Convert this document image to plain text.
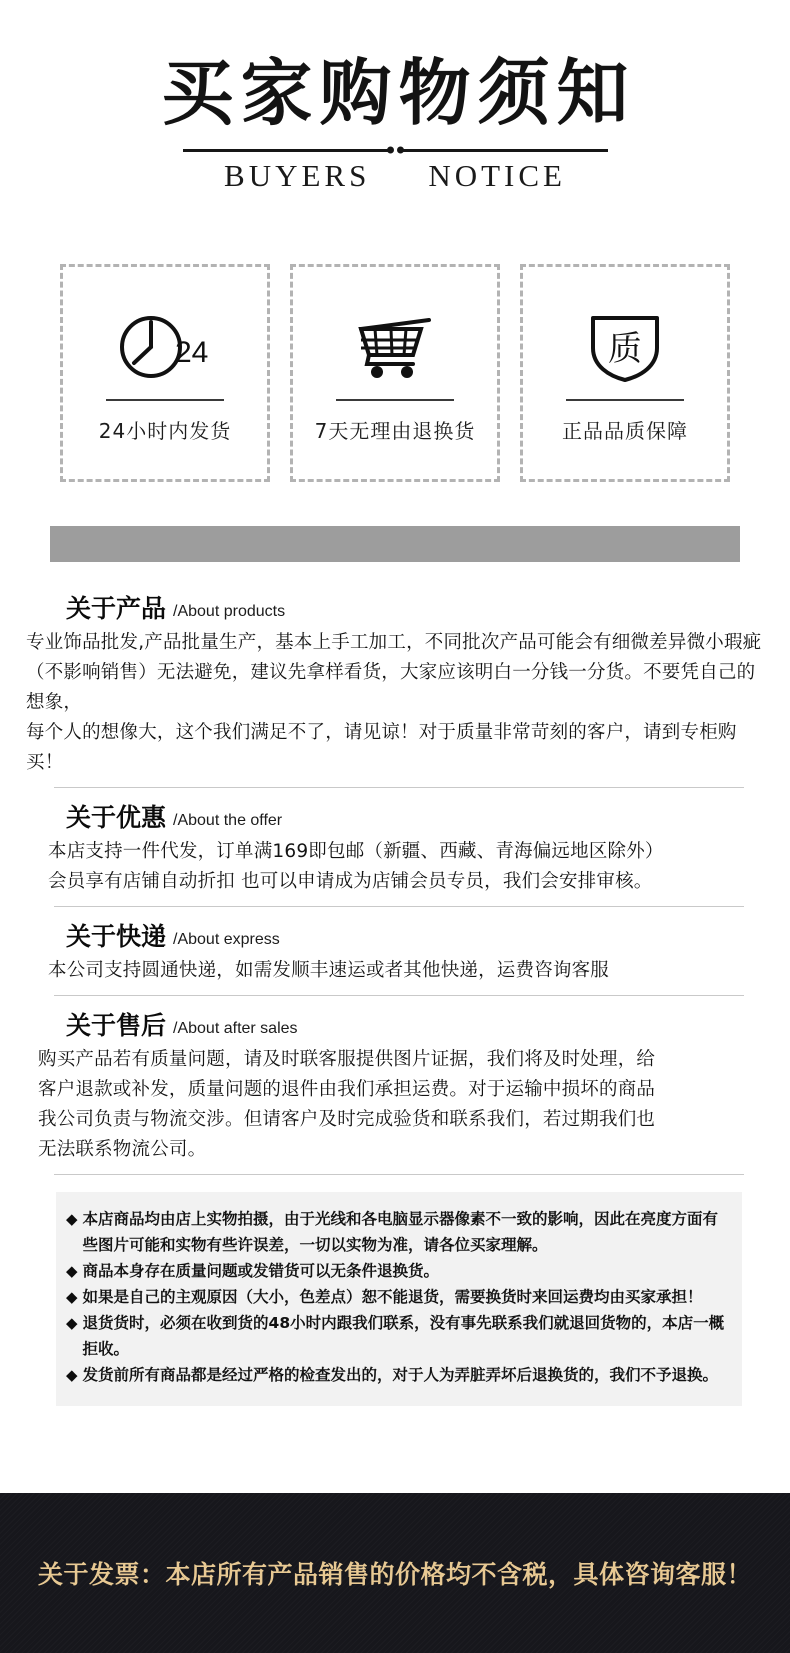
买家购物须知
BUYERS NOTICE
24
24小时内发货	7天无理由退换货
质
正品品质保障
关于产品 /About products
专业饰品批发,产品批量生产，基本上手工加工，不同批次产品可能会有细微差异微小瑕疵
（不影响销售）无法避免，建议先拿样看货，大家应该明白一分钱一分货。不要凭自己的想象，
每个人的想像大，这个我们满足不了，请见谅！对于质量非常苛刻的客户，请到专柜购买！
关于优惠 /About the offer
本店支持一件代发，订单满169即包邮（新疆、西藏、青海偏远地区除外）
会员享有店铺自动折扣 也可以申请成为店铺会员专员，我们会安排审核。
关于快递 /About express
本公司支持圆通快递，如需发顺丰速运或者其他快递，运费咨询客服
关于售后 /About after sales
购买产品若有质量问题，请及时联客服提供图片证据，我们将及时处理，给
客户退款或补发，质量问题的退件由我们承担运费。对于运输中损坏的商品
我公司负责与物流交涉。但请客户及时完成验货和联系我们，若过期我们也
无法联系物流公司。
◆ 本店商品均由店上实物拍摄，由于光线和各电脑显示器像素不一致的影响，因此在亮度方面有些图片可能和实物有些许误差，一切以实物为准，请各位买家理解。
◆ 商品本身存在质量问题或发错货可以无条件退换货。
◆ 如果是自己的主观原因（大小，色差点）恕不能退货，需要换货时来回运费均由买家承担！
◆ 退货货时，必须在收到货的48小时内跟我们联系，没有事先联系我们就退回货物的，本店一概拒收。
◆ 发货前所有商品都是经过严格的检查发出的，对于人为弄脏弄坏后退换货的，我们不予退换。
关于发票：本店所有产品销售的价格均不含税，具体咨询客服！
